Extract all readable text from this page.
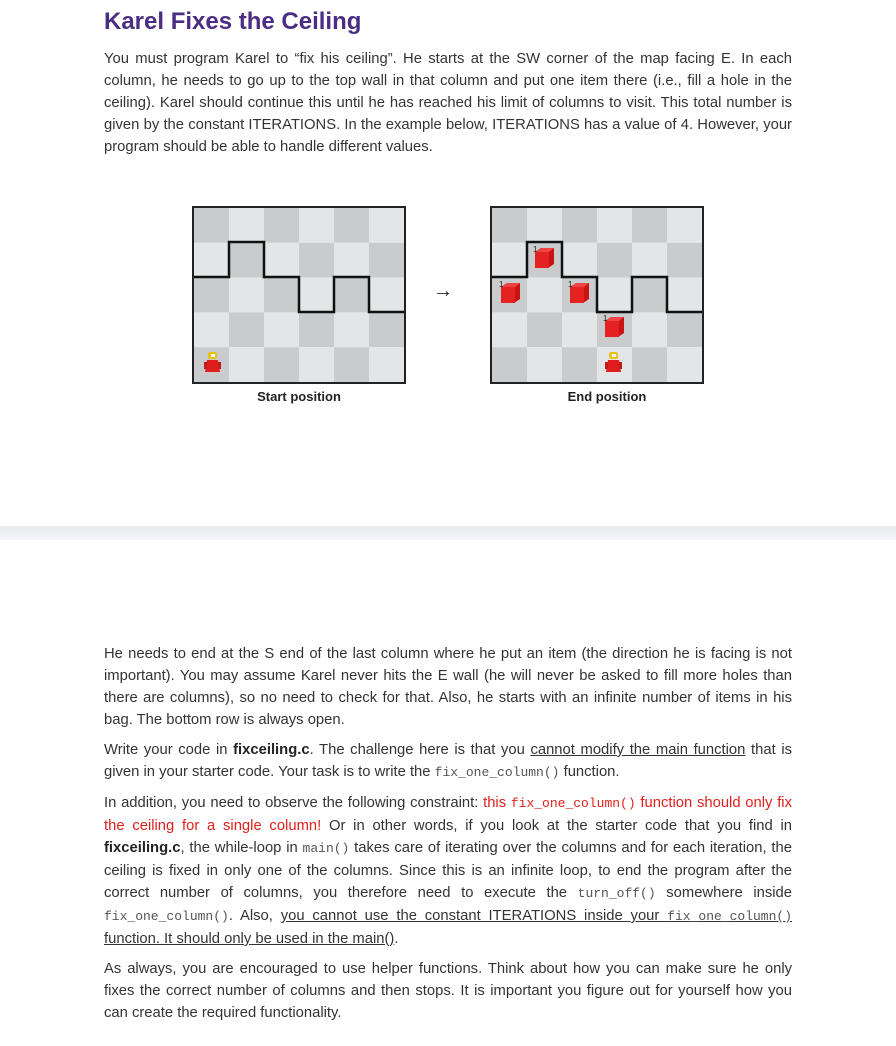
Karel Fixes the Ceiling

You must program Karel to “fix his ceiling”. He starts at the SW corner of the map facing E. In each column, he needs to go up to the top wall in that column and put one item there (i.e., fill a hole in the ceiling). Karel should continue this until he has reached his limit of columns to visit. This total number is given by the constant ITERATIONS. In the example below, ITERATIONS has a value of 4. However, your program should be able to handle different values.

Start position
→	1
1
1
1
End position

He needs to end at the S end of the last column where he put an item (the direction he is facing is not important). You may assume Karel never hits the E wall (he will never be asked to fill more holes than there are columns), so no need to check for that. Also, he starts with an infinite number of items in his bag. The bottom row is always open.

Write your code in fixceiling.c. The challenge here is that you cannot modify the main function that is given in your starter code. Your task is to write the fix_one_column() function.

In addition, you need to observe the following constraint: this fix_one_column() function should only fix the ceiling for a single column! Or in other words, if you look at the starter code that you find in fixceiling.c, the while-loop in main() takes care of iterating over the columns and for each iteration, the ceiling is fixed in only one of the columns. Since this is an infinite loop, to end the program after the correct number of columns, you therefore need to execute the turn_off() somewhere inside fix_one_column(). Also, you cannot use the constant ITERATIONS inside your fix_one_column() function. It should only be used in the main().

As always, you are encouraged to use helper functions. Think about how you can make sure he only fixes the correct number of columns and then stops. It is important you figure out for yourself how you can create the required functionality.
